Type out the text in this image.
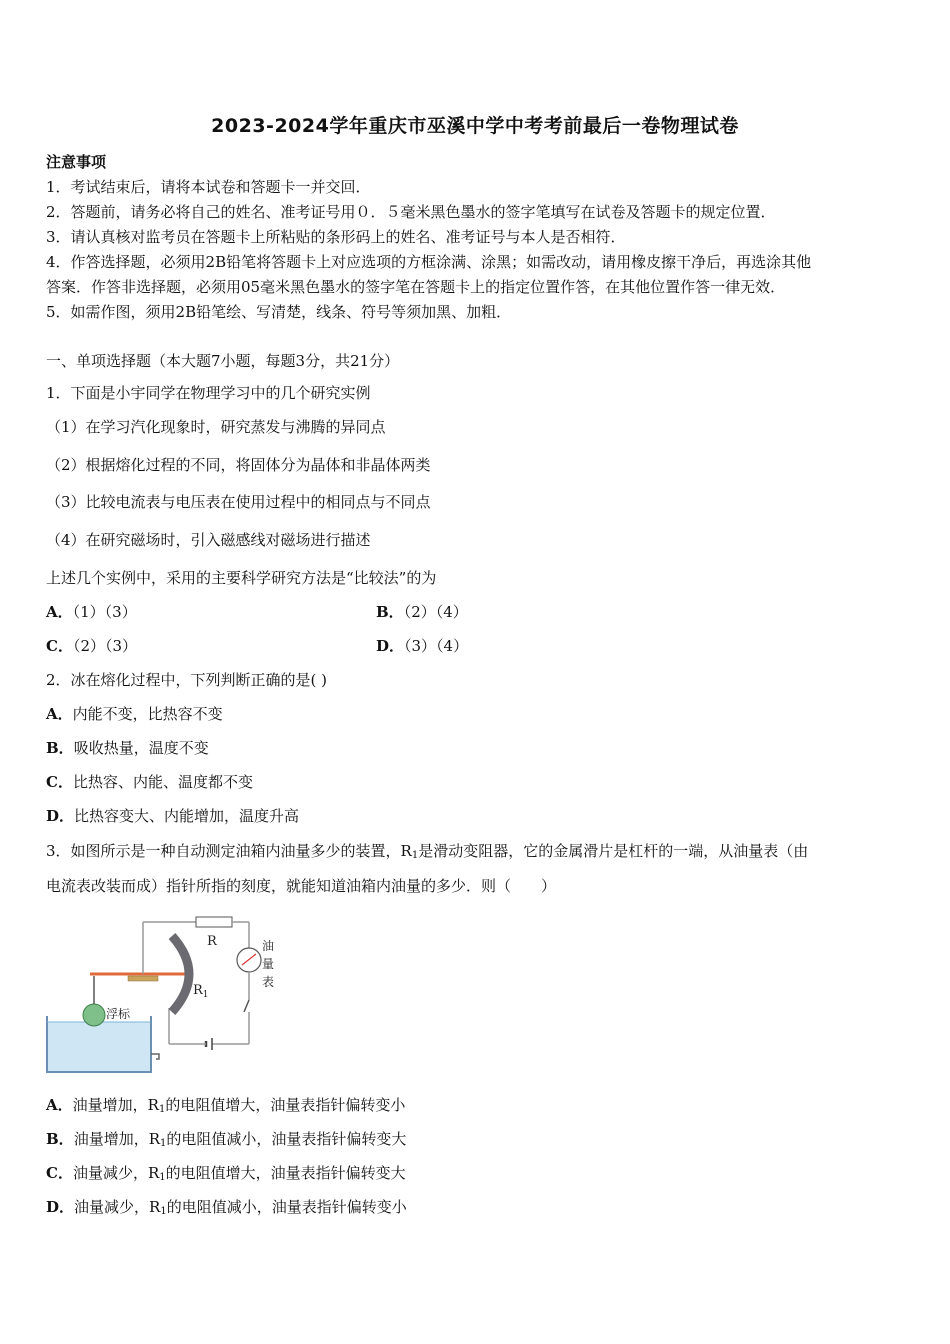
2023-2024学年重庆市巫溪中学中考考前最后一卷物理试卷
注意事项
1．考试结束后，请将本试卷和答题卡一并交回．
2．答题前，请务必将自己的姓名、准考证号用０．５毫米黑色墨水的签字笔填写在试卷及答题卡的规定位置．
3．请认真核对监考员在答题卡上所粘贴的条形码上的姓名、准考证号与本人是否相符．
4．作答选择题，必须用2B铅笔将答题卡上对应选项的方框涂满、涂黑；如需改动，请用橡皮擦干净后，再选涂其他
答案．作答非选择题，必须用05毫米黑色墨水的签字笔在答题卡上的指定位置作答，在其他位置作答一律无效．
5．如需作图，须用2B铅笔绘、写清楚，线条、符号等须加黑、加粗．
一、单项选择题（本大题7小题，每题3分，共21分）
1．下面是小宇同学在物理学习中的几个研究实例
（1）在学习汽化现象时，研究蒸发与沸腾的异同点
（2）根据熔化过程的不同，将固体分为晶体和非晶体两类
（3）比较电流表与电压表在使用过程中的相同点与不同点
（4）在研究磁场时，引入磁感线对磁场进行描述
上述几个实例中，采用的主要科学研究方法是“比较法”的为
A．（1）（3）	B．（2）（4）
C．（2）（3）	D．（3）（4）
2．冰在熔化过程中，下列判断正确的是( )
A．内能不变，比热容不变
B．吸收热量，温度不变
C．比热容、内能、温度都不变
D．比热容变大、内能增加，温度升高
3．如图所示是一种自动测定油箱内油量多少的装置，$R_1$是滑动变阻器，它的金属滑片是杠杆的一端，从油量表（由
电流表改装而成）指针所指的刻度，就能知道油箱内油量的多少．则（　　）
R
$R_1$
油
量
表
浮标
A．油量增加，$R_1$的电阻值增大，油量表指针偏转变小
B．油量增加，$R_1$的电阻值减小，油量表指针偏转变大
C．油量减少，$R_1$的电阻值增大，油量表指针偏转变大
D．油量减少，$R_1$的电阻值减小，油量表指针偏转变小
